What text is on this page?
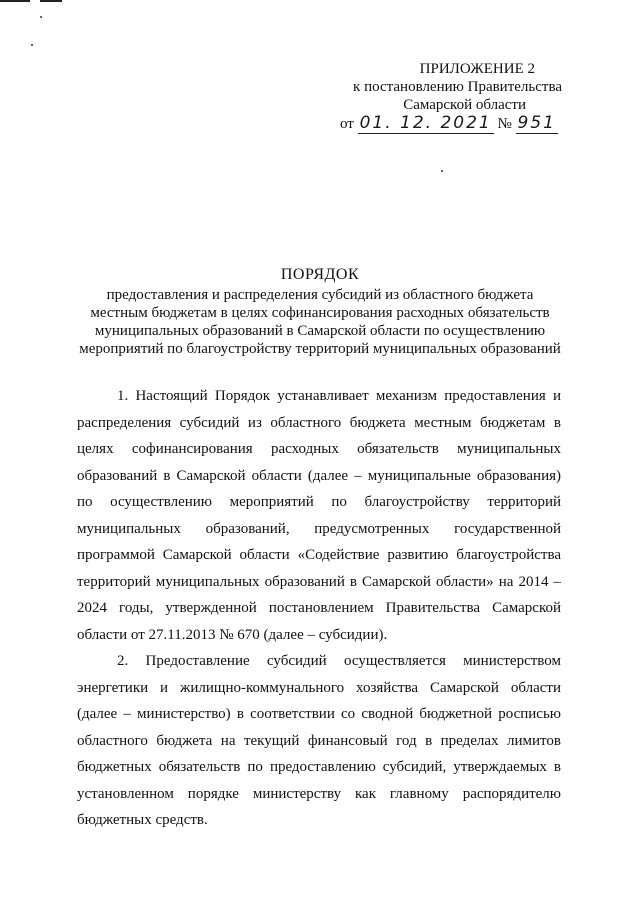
ПРИЛОЖЕНИЕ 2
к постановлению Правительства
Самарской области
от 01. 12. 2021 № 951
ПОРЯДОК
предоставления и распределения субсидий из областного бюджета
местным бюджетам в целях софинансирования расходных обязательств
муниципальных образований в Самарской области по осуществлению
мероприятий по благоустройству территорий муниципальных образований

1. Настоящий Порядок устанавливает механизм предоставления и распределения субсидий из областного бюджета местным бюджетам в целях софинансирования расходных обязательств муниципальных образований в Самарской области (далее – муниципальные образования) по осуществлению мероприятий по благоустройству территорий муниципальных образований, предусмотренных государственной программой Самарской области «Содействие развитию благоустройства территорий муниципальных образований в Самарской области» на 2014 – 2024 годы, утвержденной постановлением Правительства Самарской области от 27.11.2013 № 670 (далее – субсидии).

2. Предоставление субсидий осуществляется министерством энергетики и жилищно-коммунального хозяйства Самарской области (далее – министерство) в соответствии со сводной бюджетной росписью областного бюджета на текущий финансовый год в пределах лимитов бюджетных обязательств по предоставлению субсидий, утверждаемых в установленном порядке министерству как главному распорядителю бюджетных средств.
